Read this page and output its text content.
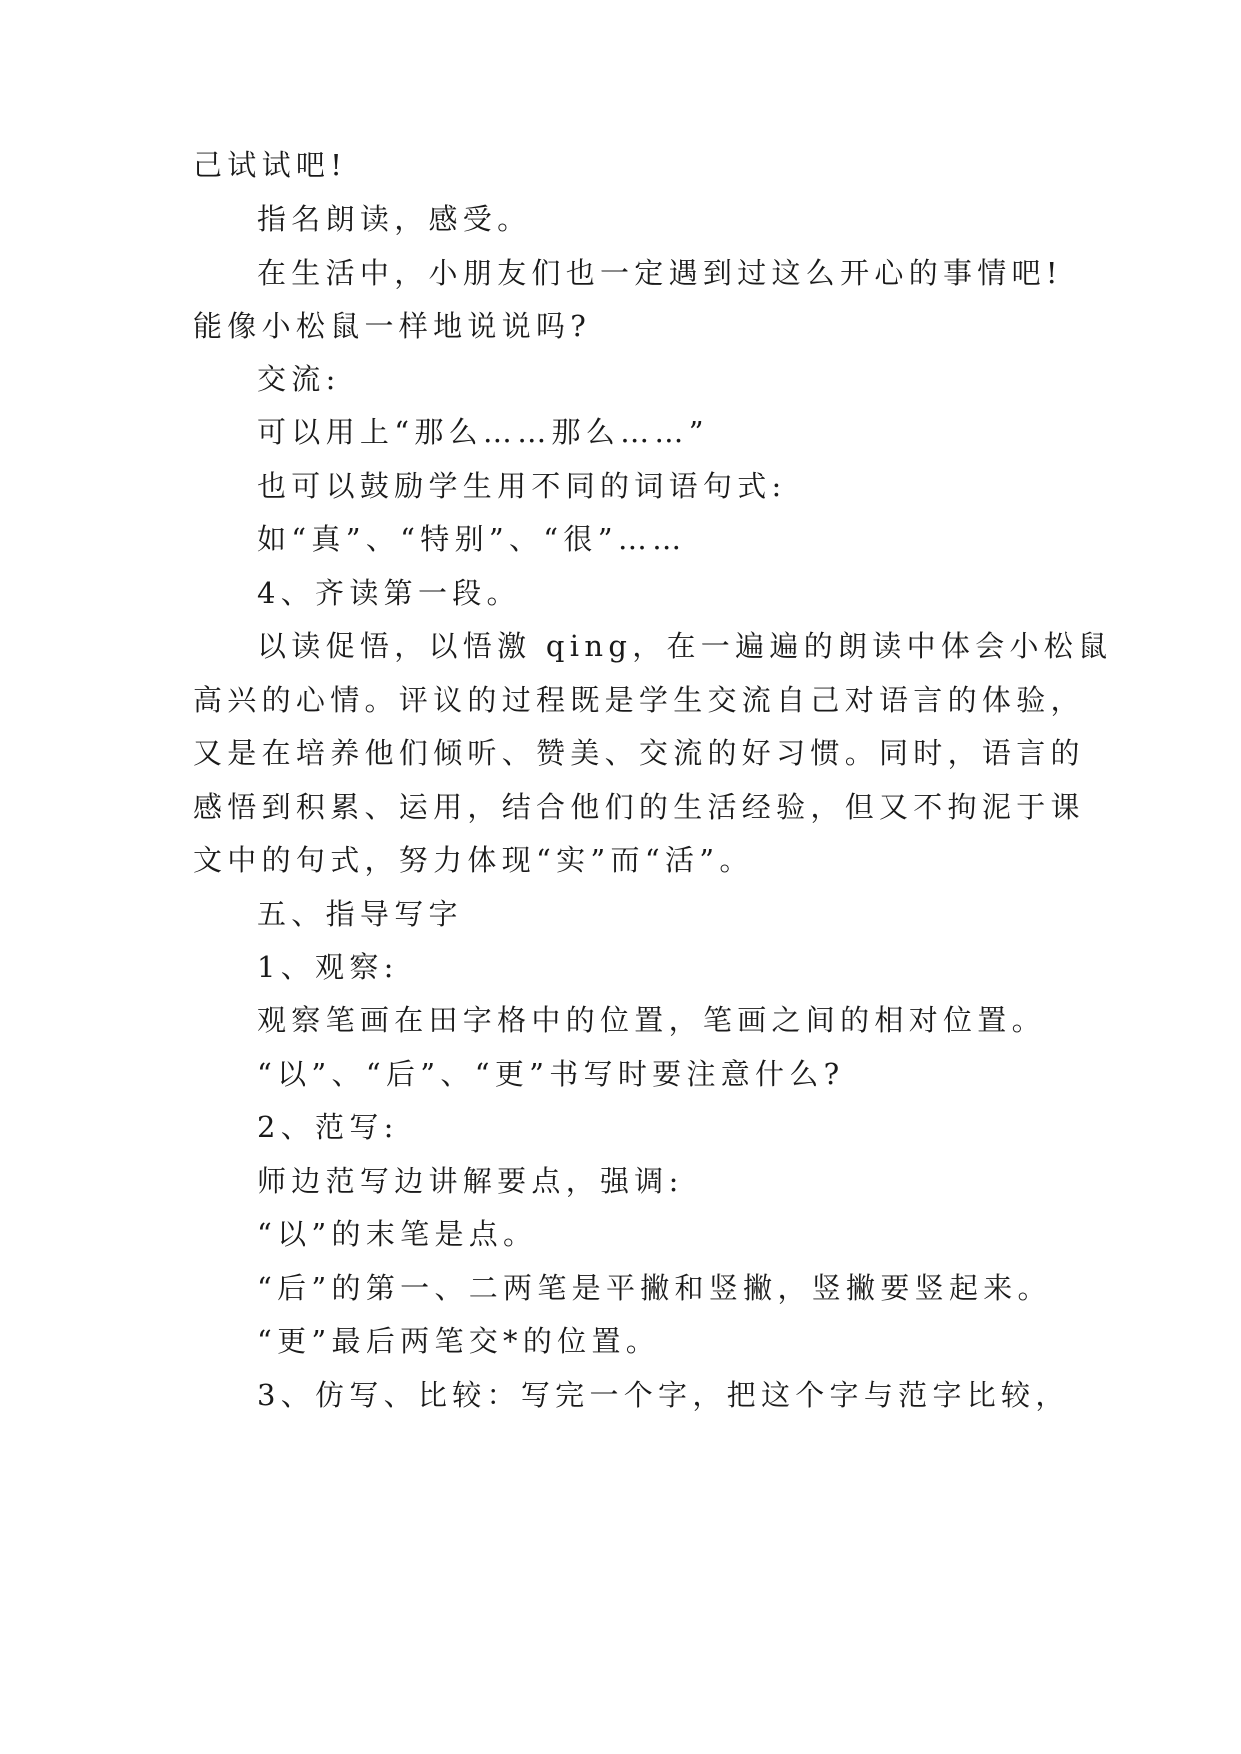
己试试吧!

指名朗读，感受。

在生活中，小朋友们也一定遇到过这么开心的事情吧!

能像小松鼠一样地说说吗?

交流:

可以用上“那么……那么……”

也可以鼓励学生用不同的词语句式:

如“真”、“特别”、“很”……

4、齐读第一段。

以读促悟，以悟激 qing，在一遍遍的朗读中体会小松鼠

高兴的心情。评议的过程既是学生交流自己对语言的体验，

又是在培养他们倾听、赞美、交流的好习惯。同时，语言的

感悟到积累、运用，结合他们的生活经验，但又不拘泥于课

文中的句式，努力体现“实”而“活”。

五、指导写字

1、观察:

观察笔画在田字格中的位置，笔画之间的相对位置。

“以”、“后”、“更”书写时要注意什么?

2、范写:

师边范写边讲解要点，强调:

“以”的末笔是点。

“后”的第一、二两笔是平撇和竖撇，竖撇要竖起来。

“更”最后两笔交*的位置。

3、仿写、比较：写完一个字，把这个字与范字比较，
